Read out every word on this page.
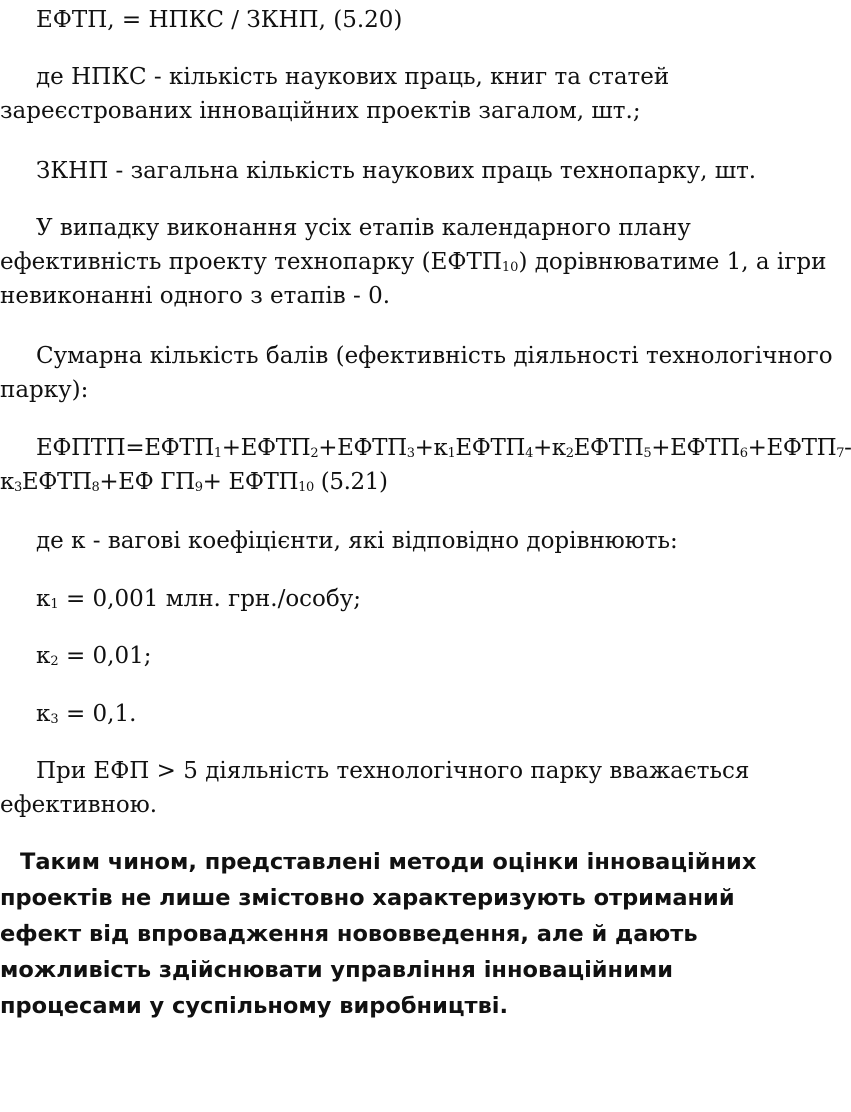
ЕФТП, = НПКС / ЗКНП, (5.20)

де НПКС - кількість наукових праць, книг та статей
зареєстрованих інноваційних проектів загалом, шт.;

ЗКНП - загальна кількість наукових праць технопарку, шт.

У випадку виконання усіх етапів календарного плану
ефективність проекту технопарку $(ЕФТП_{10})$ дорівнюватиме 1, а ігри
невиконанні одного з етапів - 0.

Сумарна кількість балів (ефективність діяльності технологічного
парку):

$ЕФПТП=ЕФТП_1+ЕФТП_2+ЕФТП_3+к_1ЕФТП_4+к_2ЕФТП_5+ЕФТП_6+ЕФТП_7-$
$к_3ЕФТП_8+ЕФ$ $ГП_9+$ $ЕФТП_{10}$ (5.21)

де к - вагові коефіцієнти, які відповідно дорівнюють:

$к_1 = 0,001$ млн. грн./особу;

$к_2 = 0,01$;

$к_3 = 0,1$.

При ЕФП > 5 діяльність технологічного парку вважається
ефективною.

Таким чином, представлені методи оцінки інноваційних
проектів не лише змістовно характеризують отриманий
ефект від впровадження нововведення, але й дають
можливість здійснювати управління інноваційними
процесами у суспільному виробництві.
